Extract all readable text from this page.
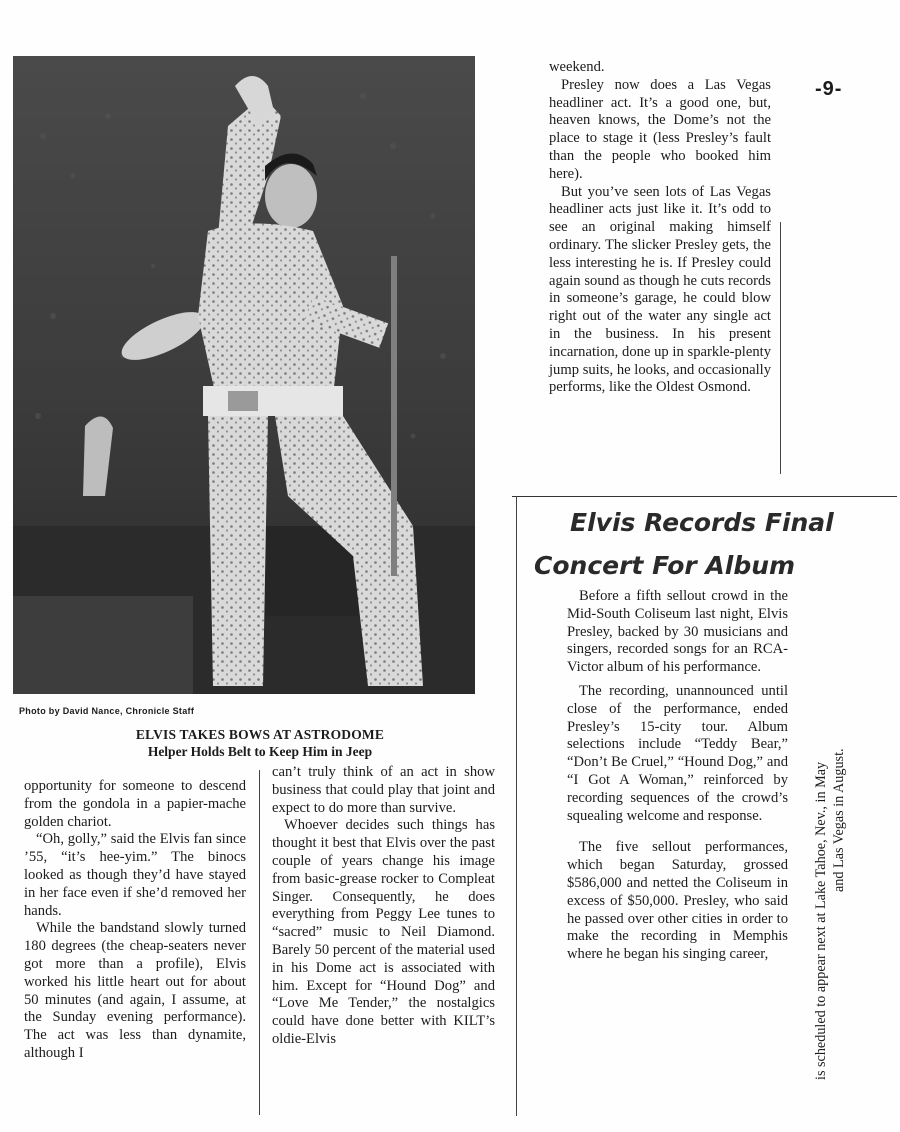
-9-
Photo by David Nance, Chronicle Staff
ELVIS TAKES BOWS AT ASTRODOME
Helper Holds Belt to Keep Him in Jeep

opportunity for someone to descend from the gondola in a papier-mache golden chariot.

“Oh, golly,” said the Elvis fan since ’55, “it’s hee-yim.” The binocs looked as though they’d have stayed in her face even if she’d removed her hands.

While the bandstand slowly turned 180 degrees (the cheap-seaters never got more than a profile), Elvis worked his little heart out for about 50 minutes (and again, I assume, at the Sunday evening performance). The act was less than dynamite, although I

can’t truly think of an act in show business that could play that joint and expect to do more than survive.

Whoever decides such things has thought it best that Elvis over the past couple of years change his image from basic-grease rocker to Compleat Singer. Consequently, he does everything from Peggy Lee tunes to “sacred” music to Neil Diamond. Barely 50 percent of the material used in his Dome act is associated with him. Except for “Hound Dog” and “Love Me Tender,” the nostalgics could have done better with KILT’s oldie-Elvis

weekend.

Presley now does a Las Vegas headliner act. It’s a good one, but, heaven knows, the Dome’s not the place to stage it (less Presley’s fault than the people who booked him here).

But you’ve seen lots of Las Vegas headliner acts just like it. It’s odd to see an original making himself ordinary. The slicker Presley gets, the less interesting he is. If Presley could again sound as though he cuts records in someone’s garage, he could blow right out of the water any single act in the business. In his present incarnation, done up in sparkle-plenty jump suits, he looks, and occasionally performs, like the Oldest Osmond.

Elvis Records Final
Concert For Album

Before a fifth sellout crowd in the Mid-South Coliseum last night, Elvis Presley, backed by 30 musicians and singers, recorded songs for an RCA-Victor album of his performance.

The recording, unannounced until close of the performance, ended Presley’s 15-city tour. Album selections include “Teddy Bear,” “Don’t Be Cruel,” “Hound Dog,” and “I Got A Woman,” reinforced by recording sequences of the crowd’s squealing welcome and response.

The five sellout performances, which began Saturday, grossed $586,000 and netted the Coliseum in excess of $50,000. Presley, who said he passed over other cities in order to make the recording in Memphis where he began his singing career,	is scheduled to appear next at Lake Tahoe, Nev., in May and Las Vegas in August.
